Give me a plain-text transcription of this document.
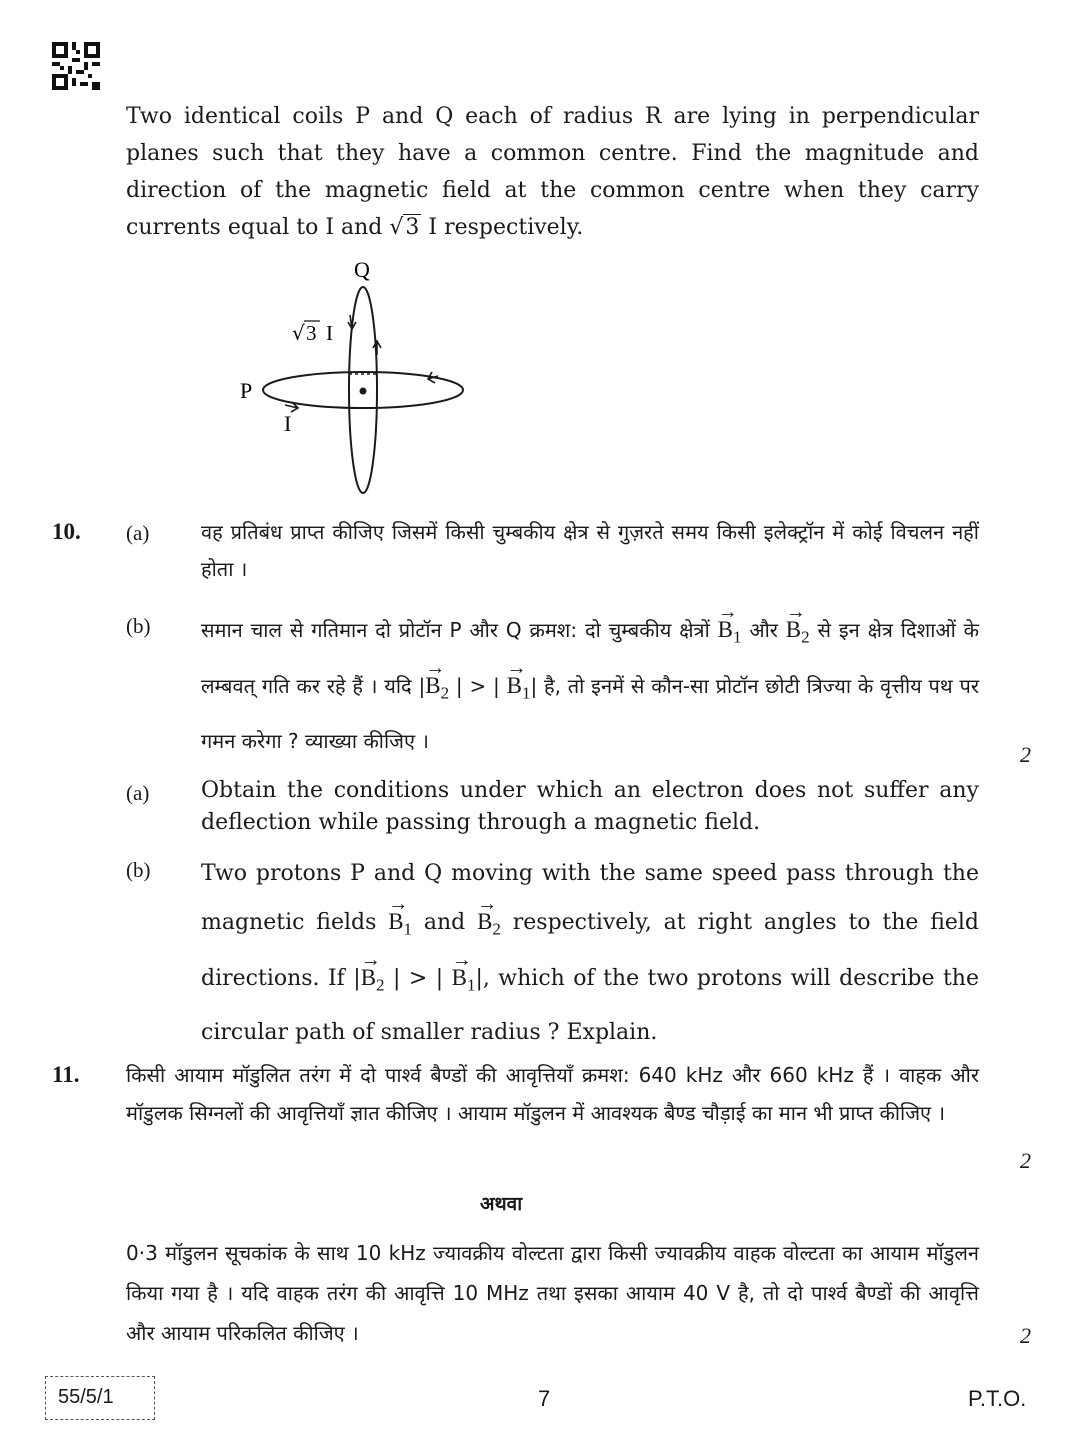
Two identical coils P and Q each of radius R are lying in perpendicular planes such that they have a common centre. Find the magnitude and direction of the magnetic field at the common centre when they carry currents equal to I and √3 I respectively.
Q
P
I
√ 3 I
10. (a)	वह प्रतिबंध प्राप्त कीजिए जिसमें किसी चुम्बकीय क्षेत्र से गुज़रते समय किसी इलेक्ट्रॉन में कोई विचलन नहीं होता ।
(b)	समान चाल से गतिमान दो प्रोटॉन P और Q क्रमश: दो चुम्बकीय क्षेत्रों → $B_1$ और → $B_2$ से इन क्षेत्र दिशाओं के लम्बवत् गति कर रहे हैं । यदि |→ $B_2$ | > | → $B_1|$ है, तो इनमें से कौन-सा प्रोटॉन छोटी त्रिज्या के वृत्तीय पथ पर गमन करेगा ? व्याख्या कीजिए ।
2
(a) Obtain the conditions under which an electron does not suffer any deflection while passing through a magnetic field.
(b) Two protons P and Q moving with the same speed pass through the magnetic fields → $B_1$ and → $B_2$ respectively, at right angles to the field directions. If |→ $B_2$ | > | → $B_1|$, which of the two protons will describe the circular path of smaller radius ? Explain.
11. किसी आयाम मॉडुलित तरंग में दो पार्श्व बैण्डों की आवृत्तियाँ क्रमश: 640 kHz और 660 kHz हैं । वाहक और मॉडुलक सिग्नलों की आवृत्तियाँ ज्ञात कीजिए । आयाम मॉडुलन में आवश्यक बैण्ड चौड़ाई का मान भी प्राप्त कीजिए ।
2
अथवा
0·3 मॉडुलन सूचकांक के साथ 10 kHz ज्यावक्रीय वोल्टता द्वारा किसी ज्यावक्रीय वाहक वोल्टता का आयाम मॉडुलन किया गया है । यदि वाहक तरंग की आवृत्ति 10 MHz तथा इसका आयाम 40 V है, तो दो पार्श्व बैण्डों की आवृत्ति और आयाम परिकलित कीजिए ।	2
55/5/1	7	P.T.O.
